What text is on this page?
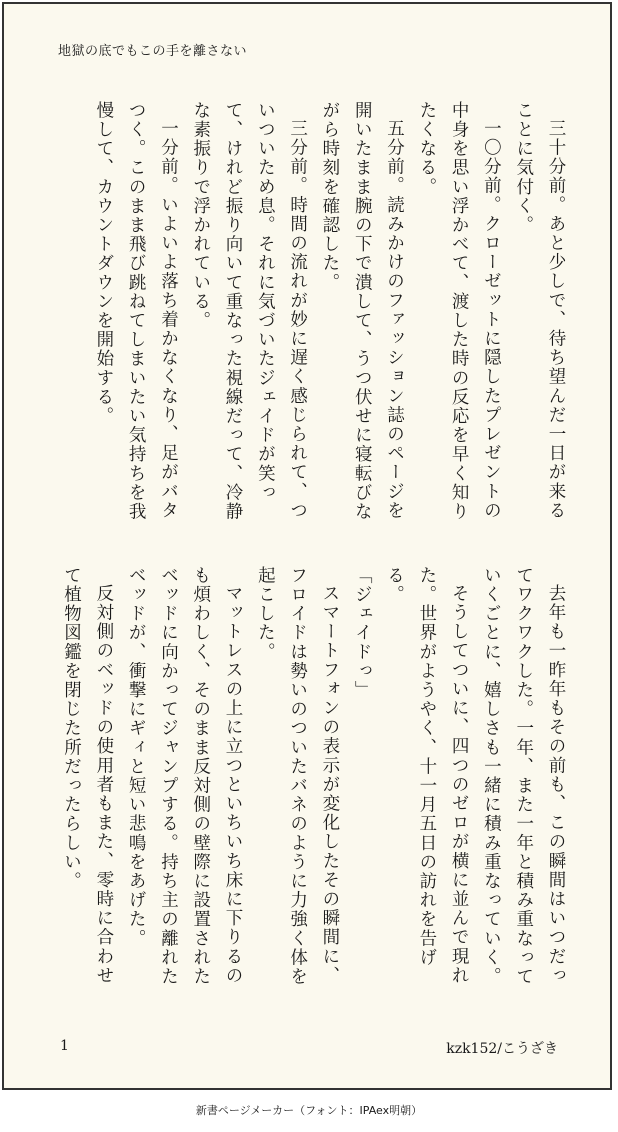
地獄の底でもこの手を離さない

三十分前。あと少しで、待ち望んだ一日が来ることに気付く。

一〇分前。クローゼットに隠したプレゼントの中身を思い浮かべて、渡した時の反応を早く知りたくなる。

五分前。読みかけのファッション誌のページを開いたまま腕の下で潰して、うつ伏せに寝転びながら時刻を確認した。

三分前。時間の流れが妙に遅く感じられて、ついついため息。それに気づいたジェイドが笑って、けれど振り向いて重なった視線だって、冷静な素振りで浮かれている。

一分前。いよいよ落ち着かなくなり、足がバタつく。このまま飛び跳ねてしまいたい気持ちを我慢して、カウントダウンを開始する。

去年も一昨年もその前も、この瞬間はいつだってワクワクした。一年、また一年と積み重なっていくごとに、嬉しさも一緒に積み重なっていく。

そうしてついに、四つのゼロが横に並んで現れた。世界がようやく、十一月五日の訪れを告げる。

「ジェイドっ」

スマートフォンの表示が変化したその瞬間に、フロイドは勢いのついたバネのように力強く体を起こした。

マットレスの上に立つといちいち床に下りるのも煩わしく、そのまま反対側の壁際に設置されたベッドに向かってジャンプする。持ち主の離れたベッドが、衝撃にギィと短い悲鳴をあげた。

反対側のベッドの使用者もまた、零時に合わせて植物図鑑を閉じた所だったらしい。

1	kzk152/こうざき
新書ページメーカー（フォント：IPAex明朝）
